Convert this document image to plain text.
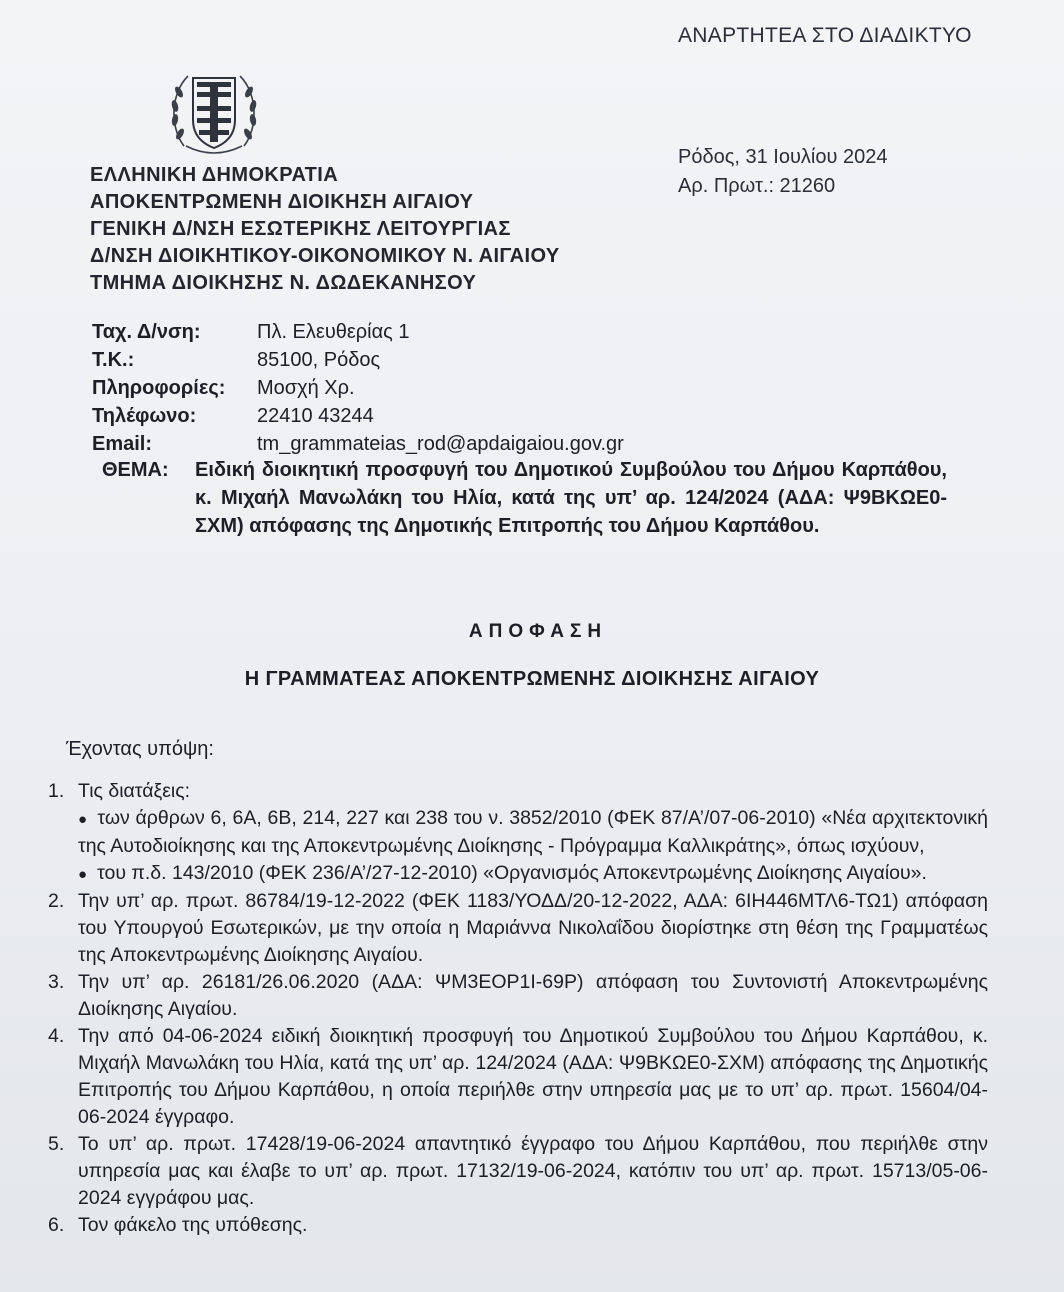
ΑΝΑΡΤΗΤΕΑ ΣΤΟ ΔΙΑΔΙΚΤΥΟ
Ρόδος, 31 Ιουλίου 2024
Αρ. Πρωτ.: 21260
ΕΛΛΗΝΙΚΗ ΔΗΜΟΚΡΑΤΙΑ
ΑΠΟΚΕΝΤΡΩΜΕΝΗ ΔΙΟΙΚΗΣΗ ΑΙΓΑΙΟΥ
ΓΕΝΙΚΗ Δ/ΝΣΗ ΕΣΩΤΕΡΙΚΗΣ ΛΕΙΤΟΥΡΓΙΑΣ
Δ/ΝΣΗ ΔΙΟΙΚΗΤΙΚΟΥ-ΟΙΚΟΝΟΜΙΚΟΥ Ν. ΑΙΓΑΙΟΥ
ΤΜΗΜΑ ΔΙΟΙΚΗΣΗΣ Ν. ΔΩΔΕΚΑΝΗΣΟΥ
Ταχ. Δ/νση:	Πλ. Ελευθερίας 1
Τ.Κ.:	85100, Ρόδος
Πληροφορίες: Μοσχή Χρ.
Τηλέφωνο:	22410 43244
Email:	tm_grammateias_rod@apdaigaiou.gov.gr
ΘΕΜΑ: Ειδική διοικητική προσφυγή του Δημοτικού Συμβούλου του Δήμου Καρπάθου, κ. Μιχαήλ Μανωλάκη του Ηλία, κατά της υπ’ αρ. 124/2024 (ΑΔΑ: Ψ9ΒΚΩΕ0-ΣΧΜ) απόφασης της Δημοτικής Επιτροπής του Δήμου Καρπάθου.
ΑΠΟΦΑΣΗ
Η ΓΡΑΜΜΑΤΕΑΣ ΑΠΟΚΕΝΤΡΩΜΕΝΗΣ ΔΙΟΙΚΗΣΗΣ ΑΙΓΑΙΟΥ
Έχοντας υπόψη:
1. Τις διατάξεις:
● των άρθρων 6, 6Α, 6Β, 214, 227 και 238 του ν. 3852/2010 (ΦΕΚ 87/Α’/07-06-2010) «Νέα αρχιτεκτονική της Αυτοδιοίκησης και της Αποκεντρωμένης Διοίκησης - Πρόγραμμα Καλλικράτης», όπως ισχύουν,
● του π.δ. 143/2010 (ΦΕΚ 236/Α’/27-12-2010) «Οργανισμός Αποκεντρωμένης Διοίκησης Αιγαίου».
2. Την υπ’ αρ. πρωτ. 86784/19-12-2022 (ΦΕΚ 1183/ΥΟΔΔ/20-12-2022, ΑΔΑ: 6ΙΗ446ΜΤΛ6-ΤΩ1) απόφαση του Υπουργού Εσωτερικών, με την οποία η Μαριάννα Νικολαΐδου διορίστηκε στη θέση της Γραμματέως της Αποκεντρωμένης Διοίκησης Αιγαίου.
3. Την υπ’ αρ. 26181/26.06.2020 (ΑΔΑ: ΨΜ3ΕΟΡ1Ι-69Ρ) απόφαση του Συντονιστή Αποκεντρωμένης Διοίκησης Αιγαίου.
4. Την από 04-06-2024 ειδική διοικητική προσφυγή του Δημοτικού Συμβούλου του Δήμου Καρπάθου, κ. Μιχαήλ Μανωλάκη του Ηλία, κατά της υπ’ αρ. 124/2024 (ΑΔΑ: Ψ9ΒΚΩΕ0-ΣΧΜ) απόφασης της Δημοτικής Επιτροπής του Δήμου Καρπάθου, η οποία περιήλθε στην υπηρεσία μας με το υπ’ αρ. πρωτ. 15604/04-06-2024 έγγραφο.
5. Το υπ’ αρ. πρωτ. 17428/19-06-2024 απαντητικό έγγραφο του Δήμου Καρπάθου, που περιήλθε στην υπηρεσία μας και έλαβε το υπ’ αρ. πρωτ. 17132/19-06-2024, κατόπιν του υπ’ αρ. πρωτ. 15713/05-06-2024 εγγράφου μας.
6. Τον φάκελο της υπόθεσης.
